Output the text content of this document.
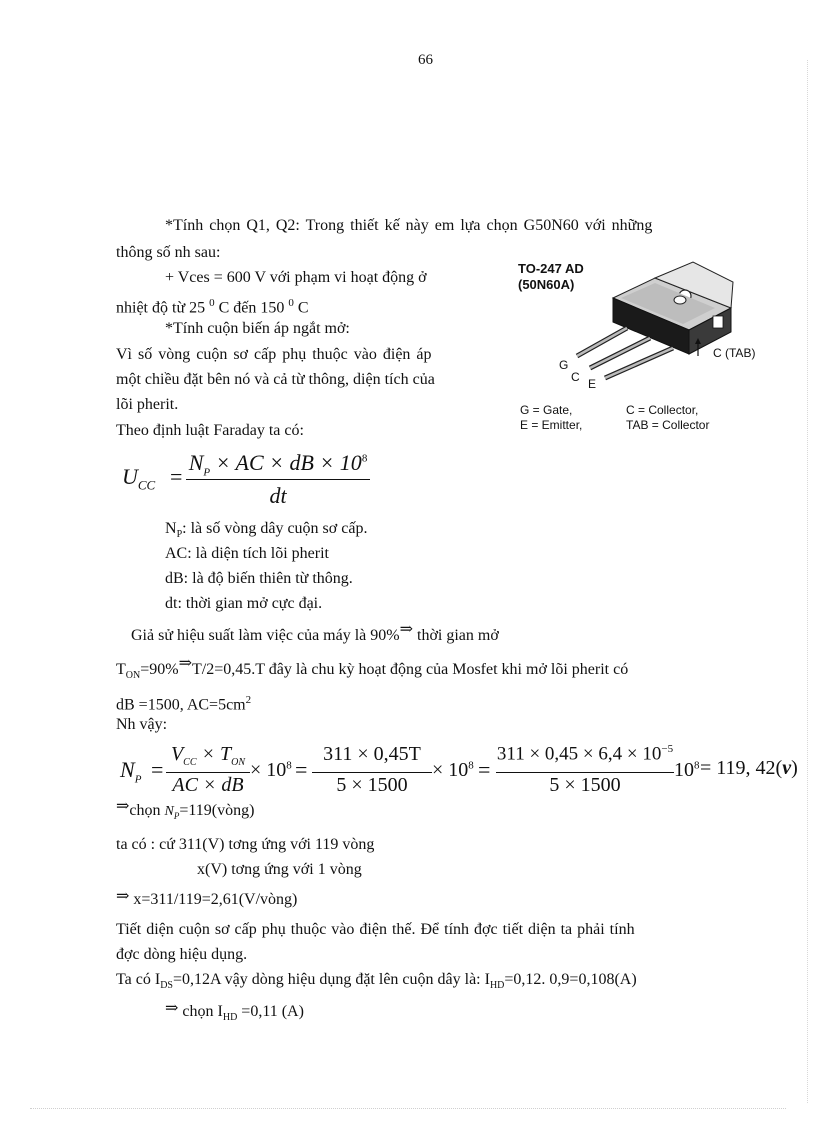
66
*Tính chọn Q1, Q2: Trong thiết kế này em lựa chọn G50N60 với những
thông số nh sau:
+ Vces = 600 V với phạm vi hoạt động ở
nhiệt độ từ 25 $^0$ C đến 150 $^0$ C
*Tính cuộn biến áp ngắt mở:
Vì số vòng cuộn sơ cấp phụ thuộc vào điện áp
một chiều đặt bên nó và cả từ thông, diện tích của
lõi pherit.
Theo định luật Faraday ta có:
TO-247 AD
(50N60A)
G
C E
C (TAB)
G = Gate,	C = Collector,
E = Emitter,	TAB = Collector
$U_{CC}$ =
$N_P$ × AC × dB × $10^8$
dt
$N_P$: là số vòng dây cuộn sơ cấp.
AC: là diện tích lõi pherit
dB: là độ biến thiên từ thông.
dt: thời gian mở cực đại.
Giả sử hiệu suất làm việc của máy là 90%⇒ thời gian mở
$T_{ON}=90\%\Rightarrow T/2=0,45.T$ đây là chu kỳ hoạt động của Mosfet khi mở lõi pherit có
dB =1500, $AC=5cm^2$
Nh vậy:
$N_P$ =
$V_{CC} \times T_{ON}$
AC × dB
× $10^8$ =
311 × 0,45T
5 × 1500
× $10^8$ =
$311 \times 0,45 \times 6,4 \times 10^{-5}$
5 × 1500
$10^8 = 119$, 42(v)
⇒chọn $N_P=119(vòng)$
ta có : cứ 311(V) tơng ứng với 119 vòng
x(V) tơng ứng với 1 vòng
⇒ x=311/119=2,61(V/vòng)
Tiết diện cuộn sơ cấp phụ thuộc vào điện thế. Để tính đợc tiết diện ta phải tính
đợc dòng hiệu dụng.
Ta có $I_{DS}=0,12A$ vậy dòng hiệu dụng đặt lên cuộn dây là: $I_{HD}=0,12$. 0,9=0,108(A)
⇒ chọn $I_{HD} =0,11$ (A)
